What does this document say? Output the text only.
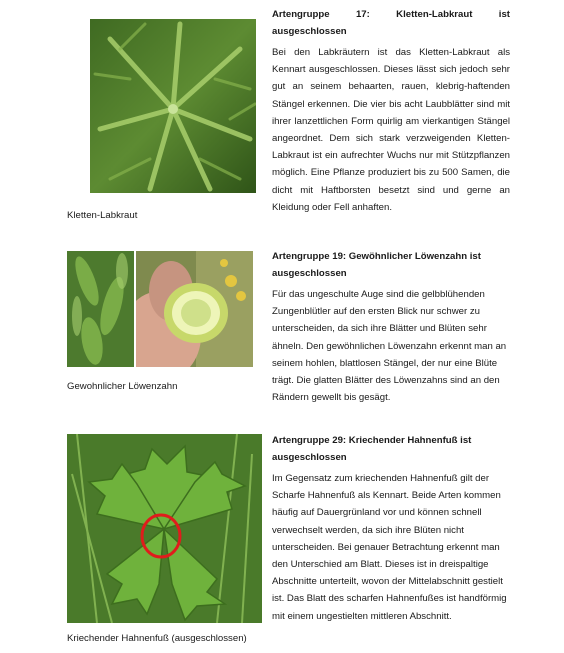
Kletten-Labkraut
Artengruppe 17: Kletten-Labkraut ist ausgeschlossen

Bei den Labkräutern ist das Kletten-Labkraut als Kennart ausgeschlossen. Dieses lässt sich jedoch sehr gut an seinem behaarten, rauen, klebrig-haftenden Stängel erkennen. Die vier bis acht Laubblätter sind mit ihrer lanzettlichen Form quirlig am vierkantigen Stängel angeordnet. Dem sich stark verzweigenden Kletten-Labkraut ist ein aufrechter Wuchs nur mit Stützpflanzen möglich. Eine Pflanze produziert bis zu 500 Samen, die dicht mit Haftborsten besetzt sind und gerne an Kleidung oder Fell anhaften.

Gewohnlicher Löwenzahn
Artengruppe 19: Gewöhnlicher Löwenzahn ist ausgeschlossen

Für das ungeschulte Auge sind die gelbblühenden Zungenblütler auf den ersten Blick nur schwer zu unterscheiden, da sich ihre Blätter und Blüten sehr ähneln. Den gewöhnlichen Löwenzahn erkennt man an seinem hohlen, blattlosen Stängel, der nur eine Blüte trägt. Die glatten Blätter des Löwenzahns sind an den Rändern gewellt bis gesägt.

Kriechender Hahnenfuß (ausgeschlossen)
Artengruppe 29: Kriechender Hahnenfuß ist ausgeschlossen

Im Gegensatz zum kriechenden Hahnenfuß gilt der Scharfe Hahnenfuß als Kennart. Beide Arten kommen häufig auf Dauergrünland vor und können schnell verwechselt werden, da sich ihre Blüten nicht unterscheiden. Bei genauer Betrachtung erkennt man den Unterschied am Blatt. Dieses ist in dreispaltige Abschnitte unterteilt, wovon der Mittelabschnitt gestielt ist. Das Blatt des scharfen Hahnenfußes ist handförmig mit einem ungestielten mittleren Abschnitt.
